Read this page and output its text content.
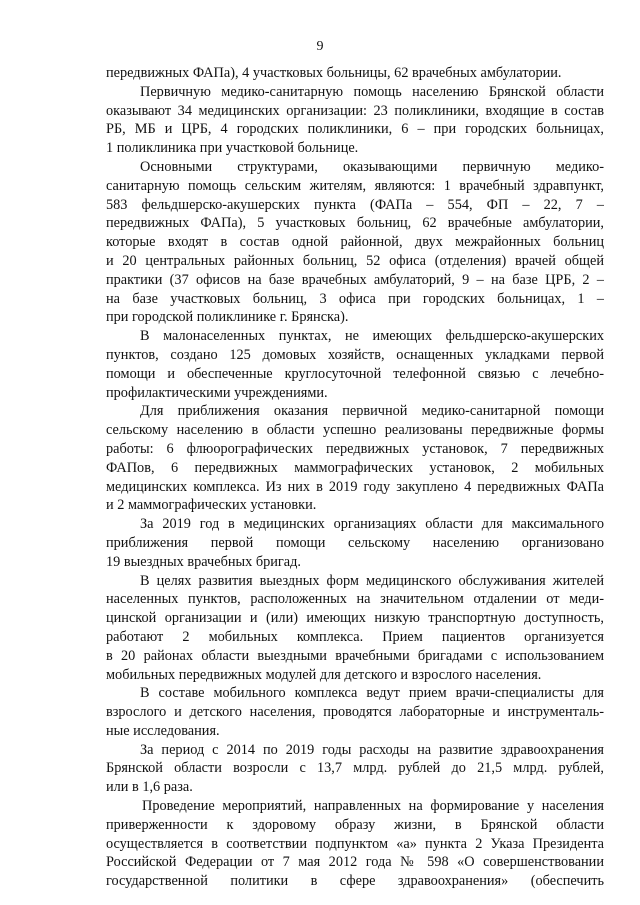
9
передвижных ФАПа), 4 участковых больницы, 62 врачебных амбулатории.
Первичную медико-санитарную помощь населению Брянской области
оказывают 34 медицинских организации: 23 поликлиники, входящие в состав
РБ, МБ и ЦРБ, 4 городских поликлиники, 6 – при городских больницах,
1 поликлиника при участковой больнице.
Основными структурами, оказывающими первичную медико-
санитарную помощь сельским жителям, являются: 1 врачебный здравпункт,
583 фельдшерско-акушерских пункта (ФАПа – 554, ФП – 22, 7 –
передвижных ФАПа), 5 участковых больниц, 62 врачебные амбулатории,
которые входят в состав одной районной, двух межрайонных больниц
и 20 центральных районных больниц, 52 офиса (отделения) врачей общей
практики (37 офисов на базе врачебных амбулаторий, 9 – на базе ЦРБ, 2 –
на базе участковых больниц, 3 офиса при городских больницах, 1 –
при городской поликлинике г. Брянска).
В малонаселенных пунктах, не имеющих фельдшерско-акушерских
пунктов, создано 125 домовых хозяйств, оснащенных укладками первой
помощи и обеспеченные круглосуточной телефонной связью с лечебно-
профилактическими учреждениями.
Для приближения оказания первичной медико-санитарной помощи
сельскому населению в области успешно реализованы передвижные формы
работы: 6 флюорографических передвижных установок, 7 передвижных
ФАПов, 6 передвижных маммографических установок, 2 мобильных
медицинских комплекса. Из них в 2019 году закуплено 4 передвижных ФАПа
и 2 маммографических установки.
За 2019 год в медицинских организациях области для максимального
приближения первой помощи сельскому населению организовано
19 выездных врачебных бригад.
В целях развития выездных форм медицинского обслуживания жителей
населенных пунктов, расположенных на значительном отдалении от меди-
цинской организации и (или) имеющих низкую транспортную доступность,
работают 2 мобильных комплекса. Прием пациентов организуется
в 20 районах области выездными врачебными бригадами с использованием
мобильных передвижных модулей для детского и взрослого населения.
В составе мобильного комплекса ведут прием врачи-специалисты для
взрослого и детского населения, проводятся лабораторные и инструменталь-
ные исследования.
За период с 2014 по 2019 годы расходы на развитие здравоохранения
Брянской области возросли с 13,7 млрд. рублей до 21,5 млрд. рублей,
или в 1,6 раза.
Проведение мероприятий, направленных на формирование у населения
приверженности к здоровому образу жизни, в Брянской области
осуществляется в соответствии подпунктом «а» пункта 2 Указа Президента
Российской Федерации от 7 мая 2012 года № 598 «О совершенствовании
государственной политики в сфере здравоохранения» (обеспечить
